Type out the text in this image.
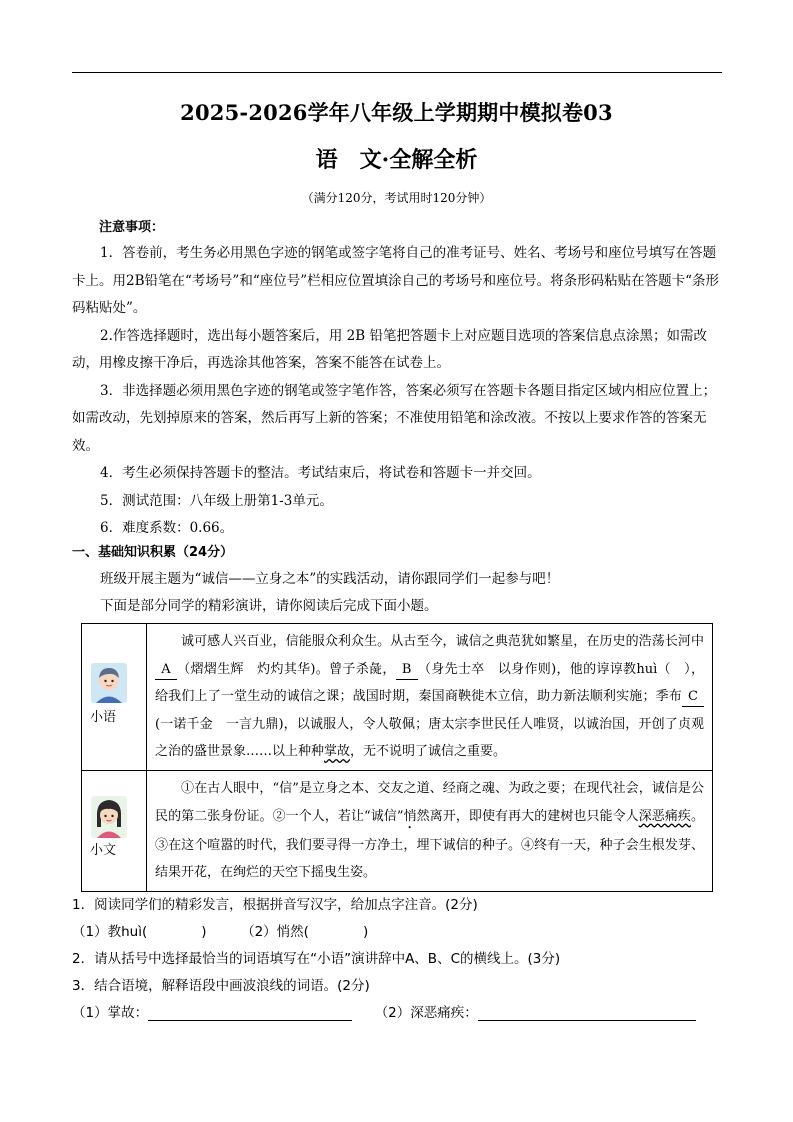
2025-2026学年八年级上学期期中模拟卷03
语　文·全解全析
（满分120分，考试用时120分钟）
注意事项：

1．答卷前，考生务必用黑色字迹的钢笔或签字笔将自己的准考证号、姓名、考场号和座位号填写在答题卡上。用2B铅笔在“考场号”和“座位号”栏相应位置填涂自己的考场号和座位号。将条形码粘贴在答题卡“条形码粘贴处”。

2.作答选择题时，选出每小题答案后，用 2B 铅笔把答题卡上对应题目选项的答案信息点涂黑；如需改动，用橡皮擦干净后，再选涂其他答案，答案不能答在试卷上。

3．非选择题必须用黑色字迹的钢笔或签字笔作答，答案必须写在答题卡各题目指定区域内相应位置上；如需改动，先划掉原来的答案，然后再写上新的答案；不准使用铅笔和涂改液。不按以上要求作答的答案无效。

4．考生必须保持答题卡的整洁。考试结束后，将试卷和答题卡一并交回。

5．测试范围：八年级上册第1-3单元。

6．难度系数：0.66。

一、基础知识积累（24分）

班级开展主题为“诚信——立身之本”的实践活动，请你跟同学们一起参与吧！

下面是部分同学的精彩演讲，请你阅读后完成下面小题。

小语	诚可感人兴百业，信能服众利众生。从古至今，诚信之典范犹如繁星，在历史的浩荡长河中A （熠熠生辉　灼灼其华)。曾子杀彘， B （身先士卒　以身作则)，他的谆谆教huì（　），给我们上了一堂生动的诚信之课；战国时期，秦国商鞅徙木立信，助力新法顺利实施；季布 C(一诺千金　一言九鼎)，以诚服人，令人敬佩；唐太宗李世民任人唯贤，以诚治国，开创了贞观之治的盛世景象……以上种种掌故，无不说明了诚信之重要。

小文	①在古人眼中，“信”是立身之本、交友之道、经商之魂、为政之要；在现代社会，诚信是公民的第二张身份证。②一个人，若让“诚信”悄然离开，即使有再大的建树也只能令人深恶痛疾。③在这个喧嚣的时代，我们要寻得一方净土，埋下诚信的种子。④终有一天，种子会生根发芽、结果开花，在绚烂的天空下摇曳生姿。

1．阅读同学们的精彩发言，根据拼音写汉字，给加点字注音。(2分)
（1）教huì(　　　　)	（2）悄然(　　　　)
2．请从括号中选择最恰当的词语填写在“小语”演讲辞中A、B、C的横线上。(3分)
3．结合语境，解释语段中画波浪线的词语。(2分)
（1）掌故：	（2）深恶痛疾：
